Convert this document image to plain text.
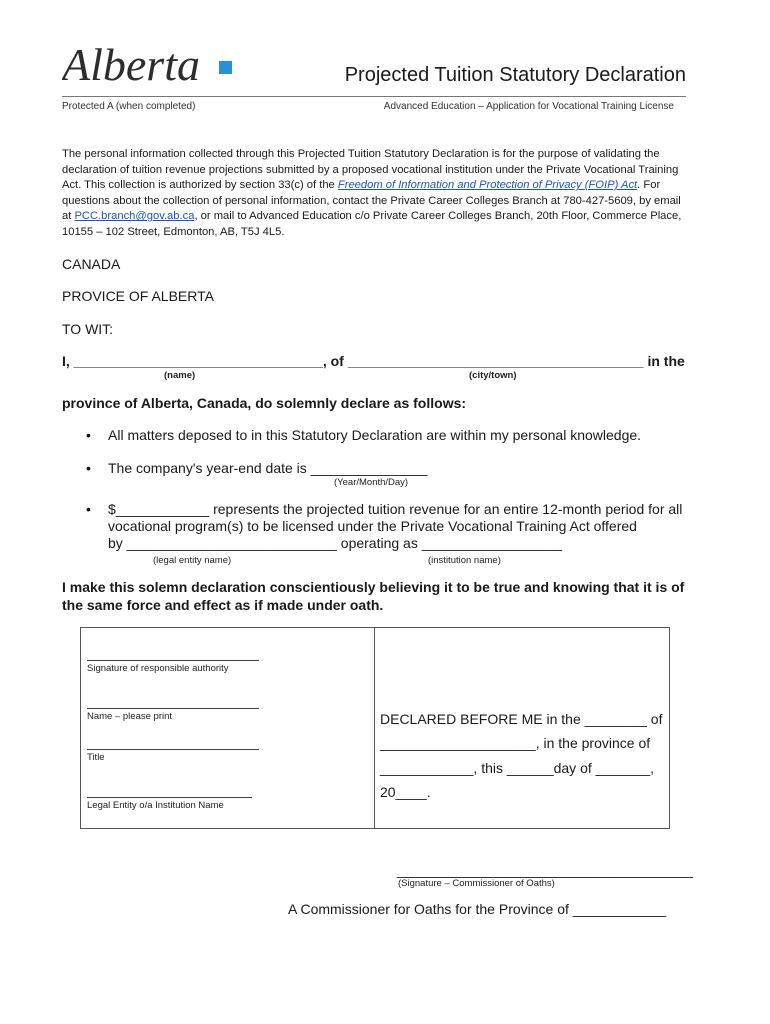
Alberta	Projected Tuition Statutory Declaration
Protected A (when completed)	Advanced Education – Application for Vocational Training License
The personal information collected through this Projected Tuition Statutory Declaration is for the purpose of validating the declaration of tuition revenue projections submitted by a proposed vocational institution under the Private Vocational Training Act. This collection is authorized by section 33(c) of the Freedom of Information and Protection of Privacy (FOIP) Act. For questions about the collection of personal information, contact the Private Career Colleges Branch at 780-427-5609, by email at PCC.branch@gov.ab.ca, or mail to Advanced Education c/o Private Career Colleges Branch, 20th Floor, Commerce Place, 10155 – 102 Street, Edmonton, AB, T5J 4L5.
CANADA
PROVICE OF ALBERTA
TO WIT:
I, ________________________________, of ______________________________________ in the
(name)	(city/town)
province of Alberta, Canada, do solemnly declare as follows:
• All matters deposed to in this Statutory Declaration are within my personal knowledge.
• The company's year-end date is _______________
(Year/Month/Day)
• $____________ represents the projected tuition revenue for an entire 12-month period for all
vocational program(s) to be licensed under the Private Vocational Training Act offered
by ___________________________ operating as __________________
(legal entity name)	(institution name)
I make this solemn declaration conscientiously believing it to be true and knowing that it is of the same force and effect as if made under oath.
Signature of responsible authority
Name – please print
Title
Legal Entity o/a Institution Name
DECLARED BEFORE ME in the ________ of
____________________, in the province of
____________, this ______day of _______,
20____.
______________________________________
(Signature – Commissioner of Oaths)
A Commissioner for Oaths for the Province of ____________
